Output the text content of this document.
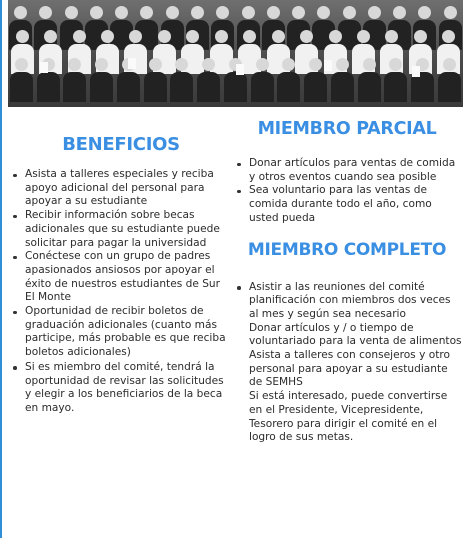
BENEFICIOS
Asista a talleres especiales y reciba apoyo adicional del personal para apoyar a su estudiante
Recibir información sobre becas adicionales que su estudiante puede solicitar para pagar la universidad
Conéctese con un grupo de padres apasionados ansiosos por apoyar el éxito de nuestros estudiantes de Sur El Monte
Oportunidad de recibir boletos de graduación adicionales (cuanto más participe, más probable es que reciba boletos adicionales)
Si es miembro del comité, tendrá la oportunidad de revisar las solicitudes y elegir a los beneficiarios de la beca en mayo.
MIEMBRO PARCIAL
Donar artículos para ventas de comida y otros eventos cuando sea posible
Sea voluntario para las ventas de comida durante todo el año, como usted pueda
MIEMBRO COMPLETO
Asistir a las reuniones del comité planificación con miembros dos veces al mes y según sea necesario
Donar artículos y / o tiempo de voluntariado para la venta de alimentos
Asista a talleres con consejeros y otro personal para apoyar a su estudiante de SEMHS
Si está interesado, puede convertirse en el Presidente, Vicepresidente, Tesorero para dirigir el comité en el logro de sus metas.
